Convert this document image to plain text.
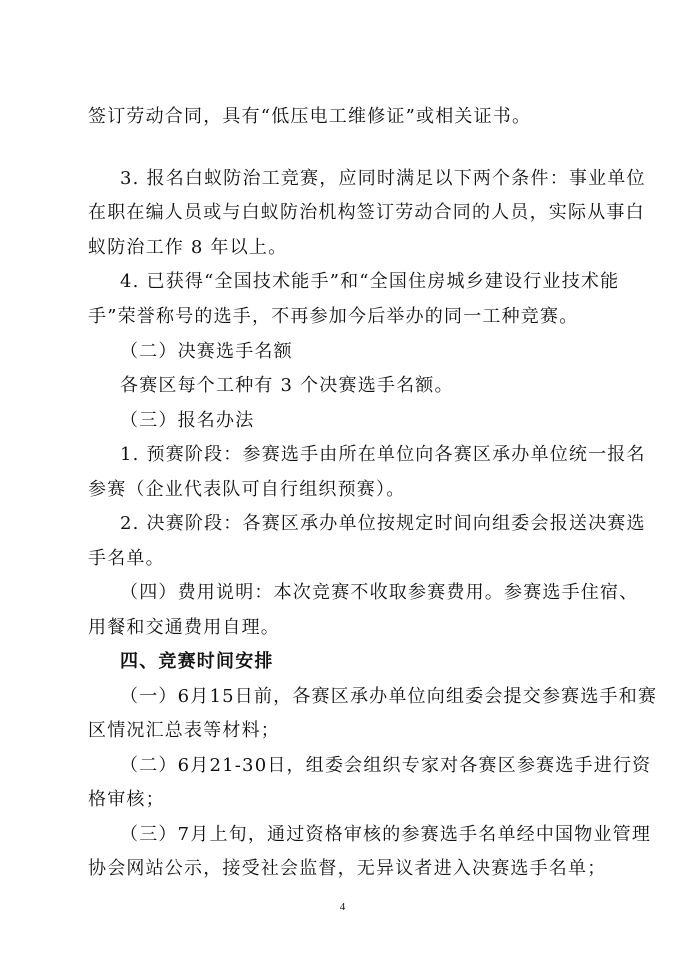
签订劳动合同，具有“低压电工维修证”或相关证书。
3. 报名白蚁防治工竞赛，应同时满足以下两个条件：事业单位
在职在编人员或与白蚁防治机构签订劳动合同的人员，实际从事白
蚁防治工作 8 年以上。
4. 已获得“全国技术能手”和“全国住房城乡建设行业技术能
手”荣誉称号的选手，不再参加今后举办的同一工种竞赛。
（二）决赛选手名额
各赛区每个工种有 3 个决赛选手名额。
（三）报名办法
1. 预赛阶段：参赛选手由所在单位向各赛区承办单位统一报名
参赛（企业代表队可自行组织预赛）。
2. 决赛阶段：各赛区承办单位按规定时间向组委会报送决赛选
手名单。
（四）费用说明：本次竞赛不收取参赛费用。参赛选手住宿、
用餐和交通费用自理。
四、竞赛时间安排
（一）6月15日前，各赛区承办单位向组委会提交参赛选手和赛
区情况汇总表等材料；
（二）6月21-30日，组委会组织专家对各赛区参赛选手进行资
格审核；
（三）7月上旬，通过资格审核的参赛选手名单经中国物业管理
协会网站公示，接受社会监督，无异议者进入决赛选手名单；
4
